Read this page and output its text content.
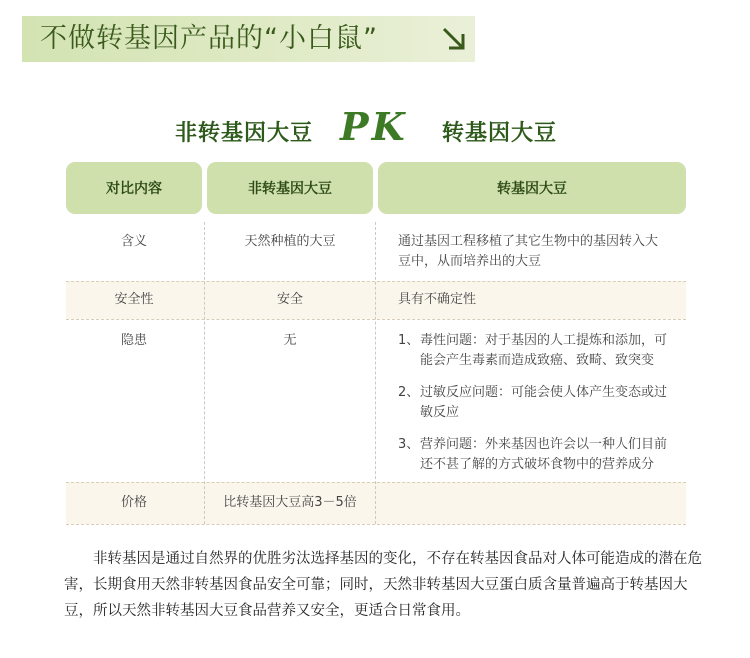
不做转基因产品的“小白鼠”
非转基因大豆 PK 转基因大豆
对比内容	非转基因大豆	转基因大豆
含义	天然种植的大豆	通过基因工程移植了其它生物中的基因转入大豆中，从而培养出的大豆
安全性	安全	具有不确定性
隐患	无	1、 毒性问题：对于基因的人工提炼和添加，可能会产生毒素而造成致癌、致畸、致突变
2、 过敏反应问题：可能会使人体产生变态或过敏反应
3、 营养问题：外来基因也许会以一种人们目前还不甚了解的方式破坏食物中的营养成分
价格	比转基因大豆高3－5倍
非转基因是通过自然界的优胜劣汰选择基因的变化，不存在转基因食品对人体可能造成的潜在危害，长期食用天然非转基因食品安全可靠；同时，天然非转基因大豆蛋白质含量普遍高于转基因大豆，所以天然非转基因大豆食品营养又安全，更适合日常食用。
